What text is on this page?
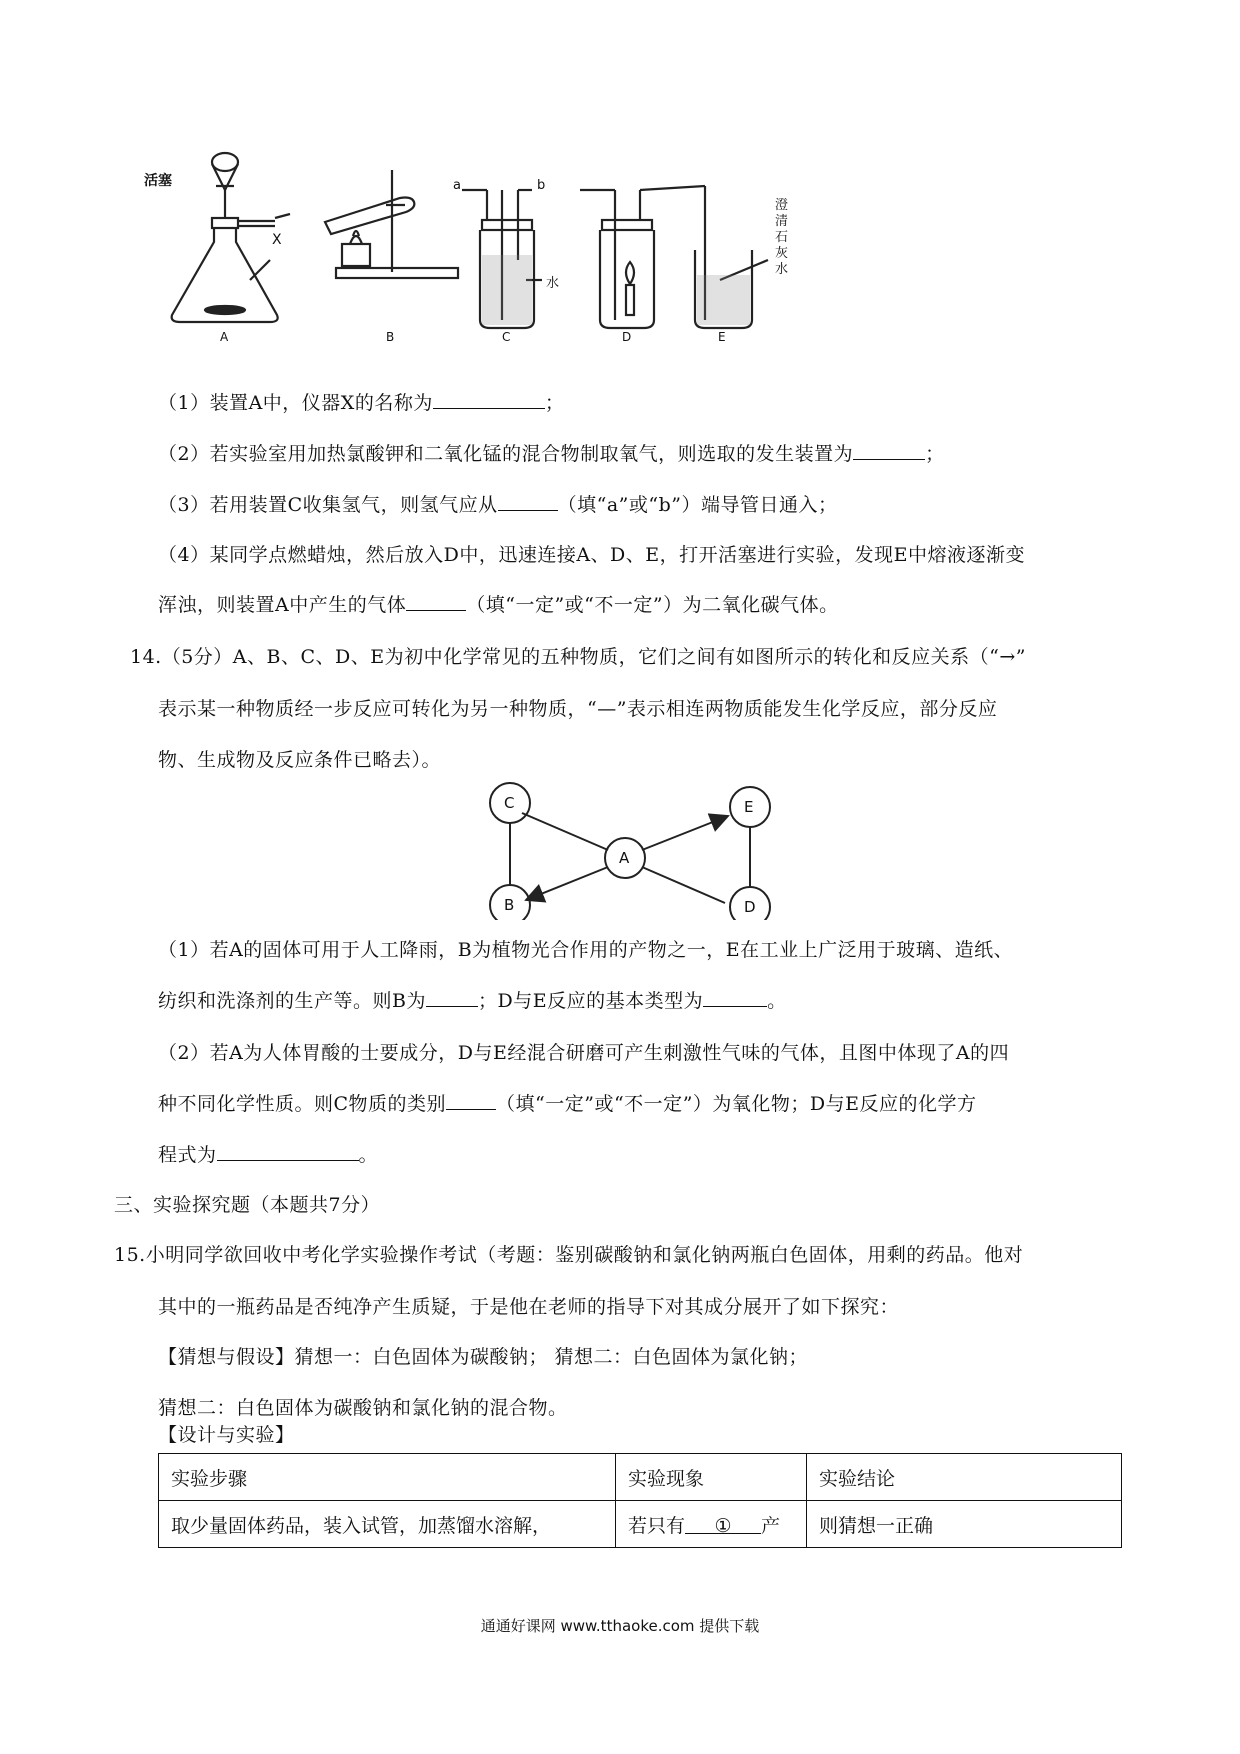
活塞
X
a	b
水
澄
清
石
灰
水
A	B	C	D	E
（1）装置A中，仪器X的名称为	；
（2）若实验室用加热氯酸钾和二氧化锰的混合物制取氧气，则选取的发生装置为	；
（3）若用装置C收集氢气，则氢气应从	（填“a”或“b”）端导管日通入；
（4）某同学点燃蜡烛，然后放入D中，迅速连接A、D、E，打开活塞进行实验，发现E中熔液逐渐变
浑浊，则装置A中产生的气体	（填“一定”或“不一定”）为二氧化碳气体。
14.（5分）A、B、C、D、E为初中化学常见的五种物质，它们之间有如图所示的转化和反应关系（“→”
表示某一种物质经一步反应可转化为另一种物质，“—”表示相连两物质能发生化学反应，部分反应
物、生成物及反应条件已略去）。
C
B
A
E
D
（1）若A的固体可用于人工降雨，B为植物光合作用的产物之一，E在工业上广泛用于玻璃、造纸、
纺织和洗涤剂的生产等。则B为	；D与E反应的基本类型为	。
（2）若A为人体胃酸的士要成分，D与E经混合研磨可产生刺激性气味的气体，且图中体现了A的四
种不同化学性质。则C物质的类别	（填“一定”或“不一定”）为氧化物；D与E反应的化学方
程式为	。
三、实验探究题（本题共7分）
15.小明同学欲回收中考化学实验操作考试（考题：鉴别碳酸钠和氯化钠两瓶白色固体，用剩的药品。他对
其中的一瓶药品是否纯净产生质疑，于是他在老师的指导下对其成分展开了如下探究：
【猜想与假设】猜想一：白色固体为碳酸钠； 猜想二：白色固体为氯化钠；
猜想二：白色固体为碳酸钠和氯化钠的混合物。
【设计与实验】
实验步骤	实验现象	实验结论
取少量固体药品，装入试管，加蒸馏水溶解，	若只有 ① 产	则猜想一正确
通通好课网 www.tthaoke.com 提供下载
